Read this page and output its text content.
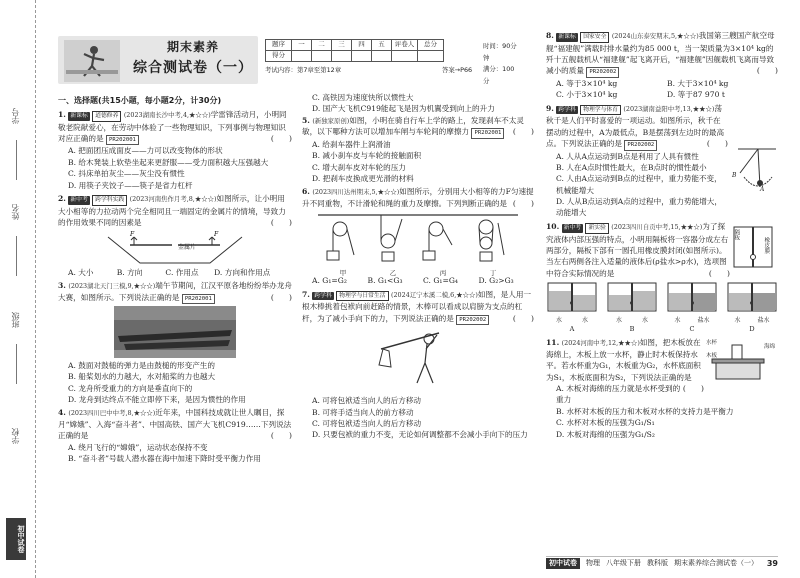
学号
姓名
班级
学校
初中试卷
期末素养
综合测试卷（一）
题序	一	二	三	四	五	评卷人	总分
得分							
考试内容：第7章至第12章	答案→P66
时间：90分钟
满分：100分
一、选择题(共15小题，每小题2分，计30分)
1. 新课标 道德修养 (2023湖南长沙中考,4,★☆☆)学雷锋活动月，小明同敬老院献爱心，在劳动中体验了一些物理知识，下列事例与物理知识对应正确的是 PR202001	(　　)
A. 把面团压成面皮——力可以改变物体的形状
B. 给木凳装上软垫坐起来更舒服——受力面积越大压强越大
C. 抖床单拍灰尘——灰尘没有惯性
D. 用筷子夹饺子——筷子是省力杠杆
2. 新中考 跨学科实践 (2023河南焦作月考,8,★☆☆)如图所示，让小明用大小相等的力拉动两个完全相同且一端固定的金属片的情境，导致力的作用效果不同的因素是	(　　)
F	F
金属片
A. 大小	B. 方向	C. 作用点	D. 方向和作用点
3. (2023湖北天门三模,9,★☆☆)端午节期间，江汉平原各地纷纷举办龙舟大赛，如图所示。下列说法正确的是 PR202001	(　　)
A. 鼓面对鼓槌的弹力是由鼓槌的形变产生的
B. 船桨划水的力越大，水对船桨的力也越大
C. 龙舟所受重力的方向是垂直向下的
D. 龙舟到达终点不能立即停下来，是因为惯性的作用
4. (2023四川巴中中考,8,★☆☆)近年来，中国科技成就让世人瞩目，探月“嫦娥”、入海“奋斗者”、中国高铁、国产大飞机C919……下列说法正确的是	(　　)
A. 绕月飞行的“嫦娥”，运动状态保持不变
B. “奋斗者”号载人潜水器在海中加速下降时受平衡力作用
C. 高铁因为速度快所以惯性大
D. 国产大飞机C919能起飞是因为机翼受到向上的升力
5. (新独家原创)如图，小明在骑自行车上学的路上，发现刹车不太灵敏，以下哪种方法可以增加车闸与车轮间的摩擦力 PR202001 (　　)
A. 给刹车器件上润滑油
B. 减小刹车皮与车轮的接触面积
C. 增大刹车皮对车轮的压力
D. 把刹车皮换成更光滑的材料
6. (2023四川达州期末,5,★☆☆)如图所示，分别用大小相等的力F匀速提升不同重物，不计滑轮和绳的重力及摩擦。下列判断正确的是 (　　)
甲	乙	丙	丁
A. G₁=G₂	B. G₁<G₃	C. G₁=G₄	D. G₂>G₃
7. 跨学科 物理学与日常生活 (2024辽宁本溪二模,6,★☆☆)如图，是人用一根木棒挑着包袱向前赶路的情景，木棒可以看成以肩膀为支点的杠杆，为了减小手向下的力，下列说法正确的是 PR202002	(　　)
A. 可将包袱适当向人的后方移动
B. 可将手适当向人的前方移动
C. 可将包袱适当向人的后方移动
D. 只要包袱的重力不变，无论如何调整都不会减小手向下的压力
8. 新课标 国家安全 (2024山东泰安期末,5,★☆☆)我国第三艘国产航空母舰“福建舰”满载时排水量约为85 000 t，当一架质量为3×10⁴ kg的歼十五舰载机从“福建舰”起飞离开后，“福建舰”因舰载机飞离而导致减小的质量 PR202002	(　　)
A. 等于3×10⁴ kg	B. 大于3×10⁴ kg
C. 小于3×10⁴ kg	D. 等于87 970 t
A
B
9. 跨学科 物理学与体育 (2023湖南益阳中考,13,★★☆)荡秋千是人们平时喜爱的一项运动。如图所示，秋千在摆动的过程中，A为最低点，B是摆荡到左边时的最高点。下列说法正确的是 PR202002	(　　)
A. 人从A点运动到B点是利用了人具有惯性
B. 人在A点时惯性最大，在B点时的惯性最小
C. 人由A点运动到B点的过程中，重力势能不变，机械能增大
D. 人从B点运动到A点的过程中，重力势能增大，动能增大
隔板
橡皮膜
10. 新中考 新实验 (2023四川自贡中考,15,★★☆)为了探究液体内部压强的特点，小明用隔板将一容器分成左右两部分，隔板下部有一圆孔用橡皮膜封闭(如图所示)。当左右两侧各注入适量的液体后(ρ盐水>ρ水)，选项图中符合实际情况的是	(　　)
水	水
A
水	水
B
水	盐水
C
水	盐水
D
水杯
木板
海绵
11. (2024河南中考,12,★★☆)如图，把木板放在海绵上，木板上放一水杯，静止时木板保持水平。若水杯重为G₁，木板重为G₂，水杯底面积为S₁，木板底面积为S₂，下列说法正确的是
(　　)
A. 木板对海绵的压力就是水杯受到的重力
B. 水杯对木板的压力和木板对水杯的支持力是平衡力
C. 水杯对木板的压强为G₁/S₁
D. 木板对海绵的压强为G₁/S₂
初中试卷	物理 八年级下册 教科版 期末素养综合测试卷（一） 39
